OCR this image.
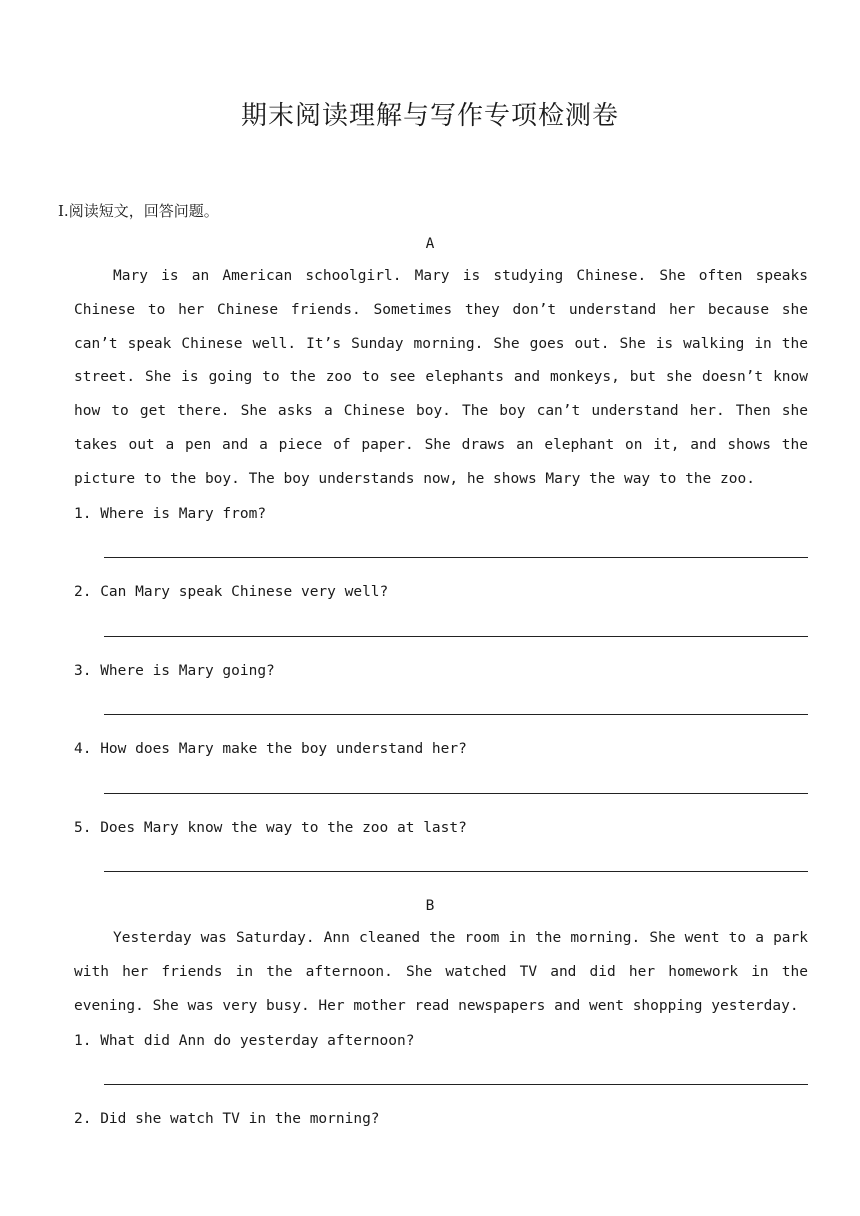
期末阅读理解与写作专项检测卷
Ⅰ.阅读短文，回答问题。
A

Mary is an American schoolgirl. Mary is studying Chinese. She often speaks Chinese to her Chinese friends. Sometimes they don’t understand her because she can’t speak Chinese well. It’s Sunday morning. She goes out. She is walking in the street. She is going to the zoo to see elephants and monkeys, but she doesn’t know how to get there. She asks a Chinese boy. The boy can’t understand her. Then she takes out a pen and a piece of paper. She draws an elephant on it, and shows the picture to the boy. The boy understands now, he shows Mary the way to the zoo.

1. Where is Mary from?
2. Can Mary speak Chinese very well?
3. Where is Mary going?
4. How does Mary make the boy understand her?
5. Does Mary know the way to the zoo at last?
B

Yesterday was Saturday. Ann cleaned the room in the morning. She went to a park with her friends in the afternoon. She watched TV and did her homework in the evening. She was very busy. Her mother read newspapers and went shopping yesterday.

1. What did Ann do yesterday afternoon?
2. Did she watch TV in the morning?
